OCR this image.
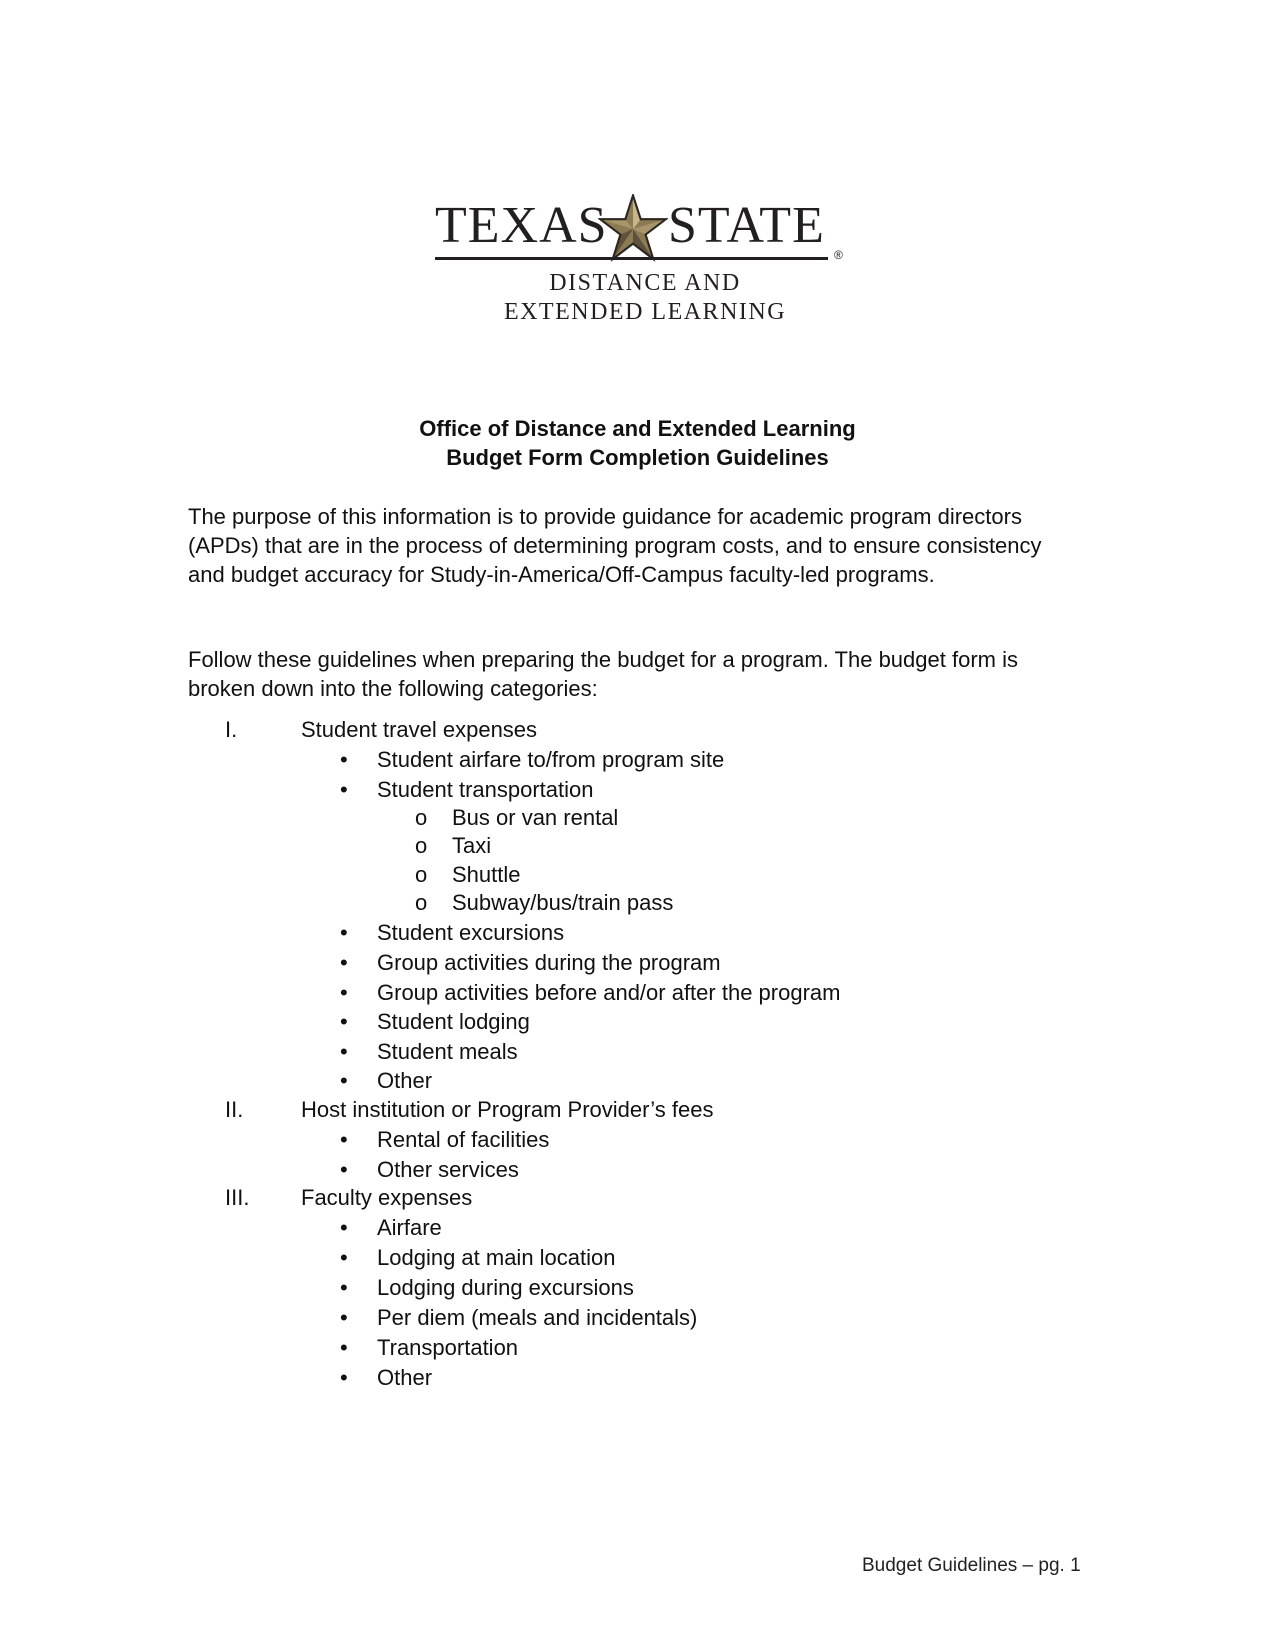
TEXAS STATE
®
DISTANCE AND
EXTENDED LEARNING
Office of Distance and Extended Learning
Budget Form Completion Guidelines

The purpose of this information is to provide guidance for academic program directors (APDs) that are in the process of determining program costs, and to ensure consistency and budget accuracy for Study-in-America/Off-Campus faculty-led programs.

Follow these guidelines when preparing the budget for a program. The budget form is broken down into the following categories:

I.	Student travel expenses
• Student airfare to/from program site
• Student transportation
o Bus or van rental
o Taxi
o Shuttle
o Subway/bus/train pass
• Student excursions
• Group activities during the program
• Group activities before and/or after the program
• Student lodging
• Student meals
• Other
II.	Host institution or Program Provider’s fees
• Rental of facilities
• Other services
III. Faculty expenses
• Airfare
• Lodging at main location
• Lodging during excursions
• Per diem (meals and incidentals)
• Transportation
• Other
Budget Guidelines – pg. 1
